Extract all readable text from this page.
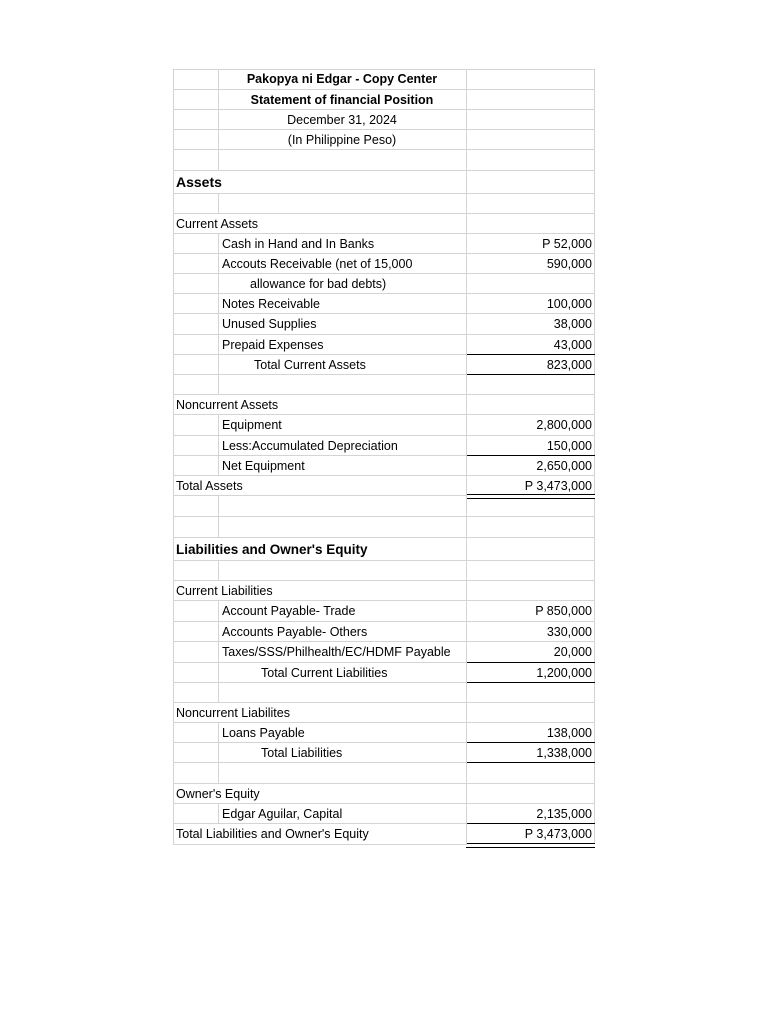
Pakopya ni Edgar - Copy Center
Statement of financial Position
December 31, 2024
(In Philippine Peso)
Assets
Current Assets
Cash in Hand and In Banks	P 52,000
Accouts Receivable (net of 15,000	590,000
allowance for bad debts)
Notes Receivable	100,000
Unused Supplies	38,000
Prepaid Expenses	43,000
Total Current Assets	823,000
Noncurrent Assets
Equipment	2,800,000
Less:Accumulated Depreciation	150,000
Net Equipment	2,650,000
Total Assets	P 3,473,000
Liabilities and Owner's Equity
Current Liabilities
Account Payable- Trade	P 850,000
Accounts Payable- Others	330,000
Taxes/SSS/Philhealth/EC/HDMF Payable	20,000
Total Current Liabilities	1,200,000
Noncurrent Liabilites
Loans Payable	138,000
Total Liabilities	1,338,000
Owner's Equity
Edgar Aguilar, Capital	2,135,000
Total Liabilities and Owner's Equity	P 3,473,000
